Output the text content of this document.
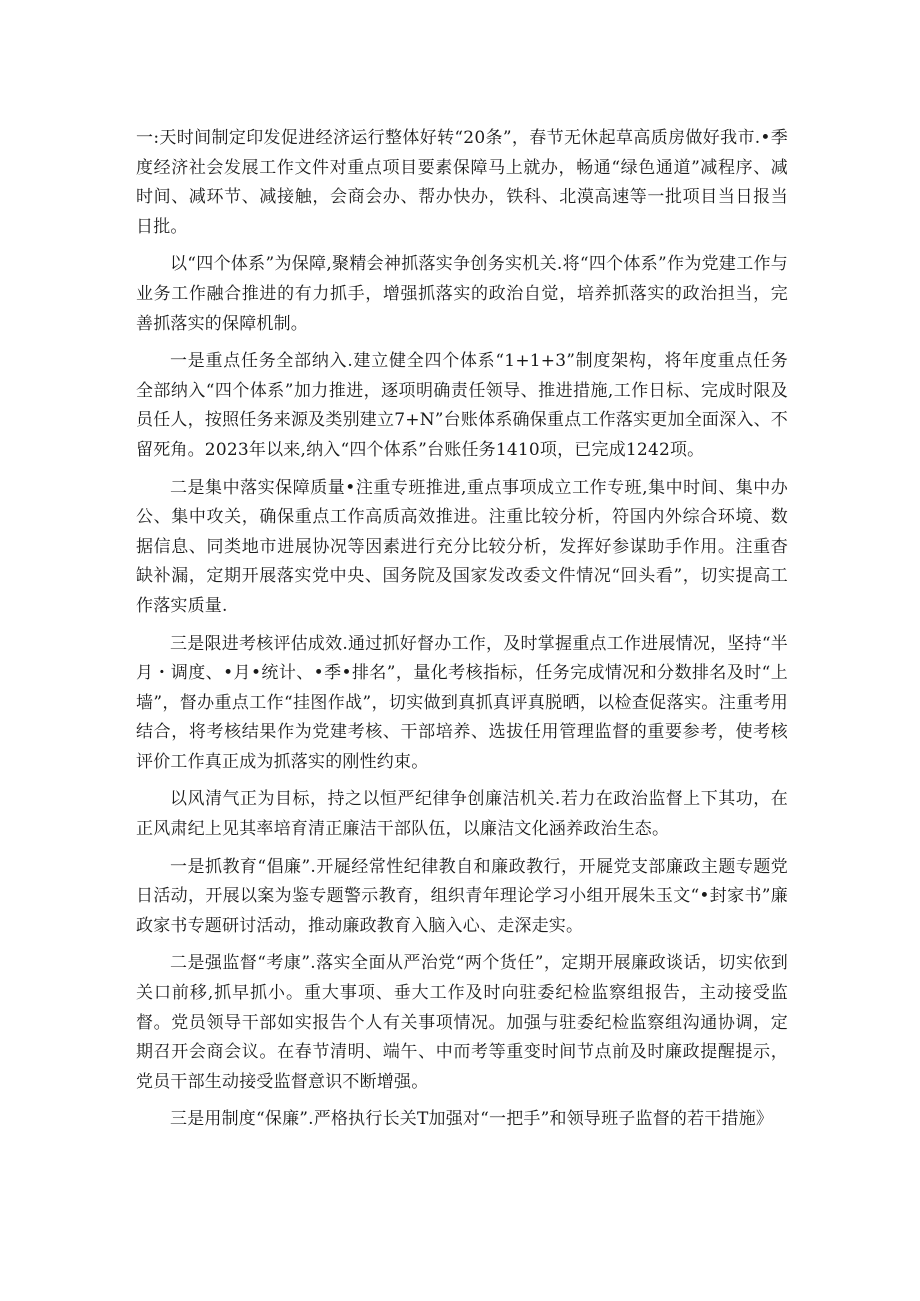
一:天时间制定印发促进经济运行整体好转“20条”，春节无休起草高质房做好我市.•季度经济社会发展工作文件对重点项目要素保障马上就办，畅通“绿色通道”减程序、减时间、减环节、减接触，会商会办、帮办快办，铁科、北漠高速等一批项目当日报当日批。

以“四个体系”为保障,聚精会神抓落实争创务实机关.将“四个体系”作为党建工作与业务工作融合推进的有力抓手，增强抓落实的政治自觉，培养抓落实的政治担当，完善抓落实的保障机制。

一是重点任务全部纳入.建立健全四个体系“1+1+3”制度架构，将年度重点任务全部纳入“四个体系”加力推进，逐项明确责任领导、推进措施,工作日标、完成时限及员任人，按照任务来源及类别建立7+N”台账体系确保重点工作落实更加全面深入、不留死角。2023年以来,纳入“四个体系”台账任务1410项，已完成1242项。

二是集中落实保障质量•注重专班推进,重点事项成立工作专班,集中时间、集中办公、集中攻关，确保重点工作高质高效推进。注重比较分析，符国内外综合环境、数据信息、同类地市进展协况等因素进行充分比较分析，发挥好参谋助手作用。注重杳缺补漏，定期开展落实党中央、国务院及国家发改委文件情况“回头看”，切实提高工作落实质量.

三是限进考核评估成效.通过抓好督办工作，及时掌握重点工作进展情况，坚持“半月・调度、•月•统计、•季•排名”，量化考核指标，任务完成情况和分数排名及时“上墙”，督办重点工作“挂图作战”，切实做到真抓真评真脱晒，以检查促落实。注重考用结合，将考核结果作为党建考核、干部培养、选拔任用管理监督的重要参考，使考核评价工作真正成为抓落实的刚性约束。

以风清气正为目标，持之以恒严纪律争创廉洁机关.若力在政治监督上下其功，在正风肃纪上见其率培育清正廉洁干部队伍，以廉洁文化涵养政治生态。

一是抓教育“倡廉”.开屣经常性纪律教自和廉政教行，开屣党支部廉政主题专题党日活动，开展以案为鉴专题警示教育，组织青年理论学习小组开展朱玉文“•封家书”廉政家书专题研讨活动，推动廉政教育入脑入心、走深走实。

二是强监督“考康”.落实全面从严治党“两个货任”，定期开展廉政谈话，切实依到关口前移,抓早抓小。重大事项、垂大工作及时向驻委纪检监察组报告，主动接受监督。党员领导干部如实报告个人有关事项情况。加强与驻委纪检监察组沟通协调，定期召开会商会议。在春节清明、端午、中而考等重变时间节点前及时廉政提醒提示，党员干部生动接受监督意识不断增强。

三是用制度“保廉”.严格执行长关T加强对“一把手”和领导班子监督的若干措施》
